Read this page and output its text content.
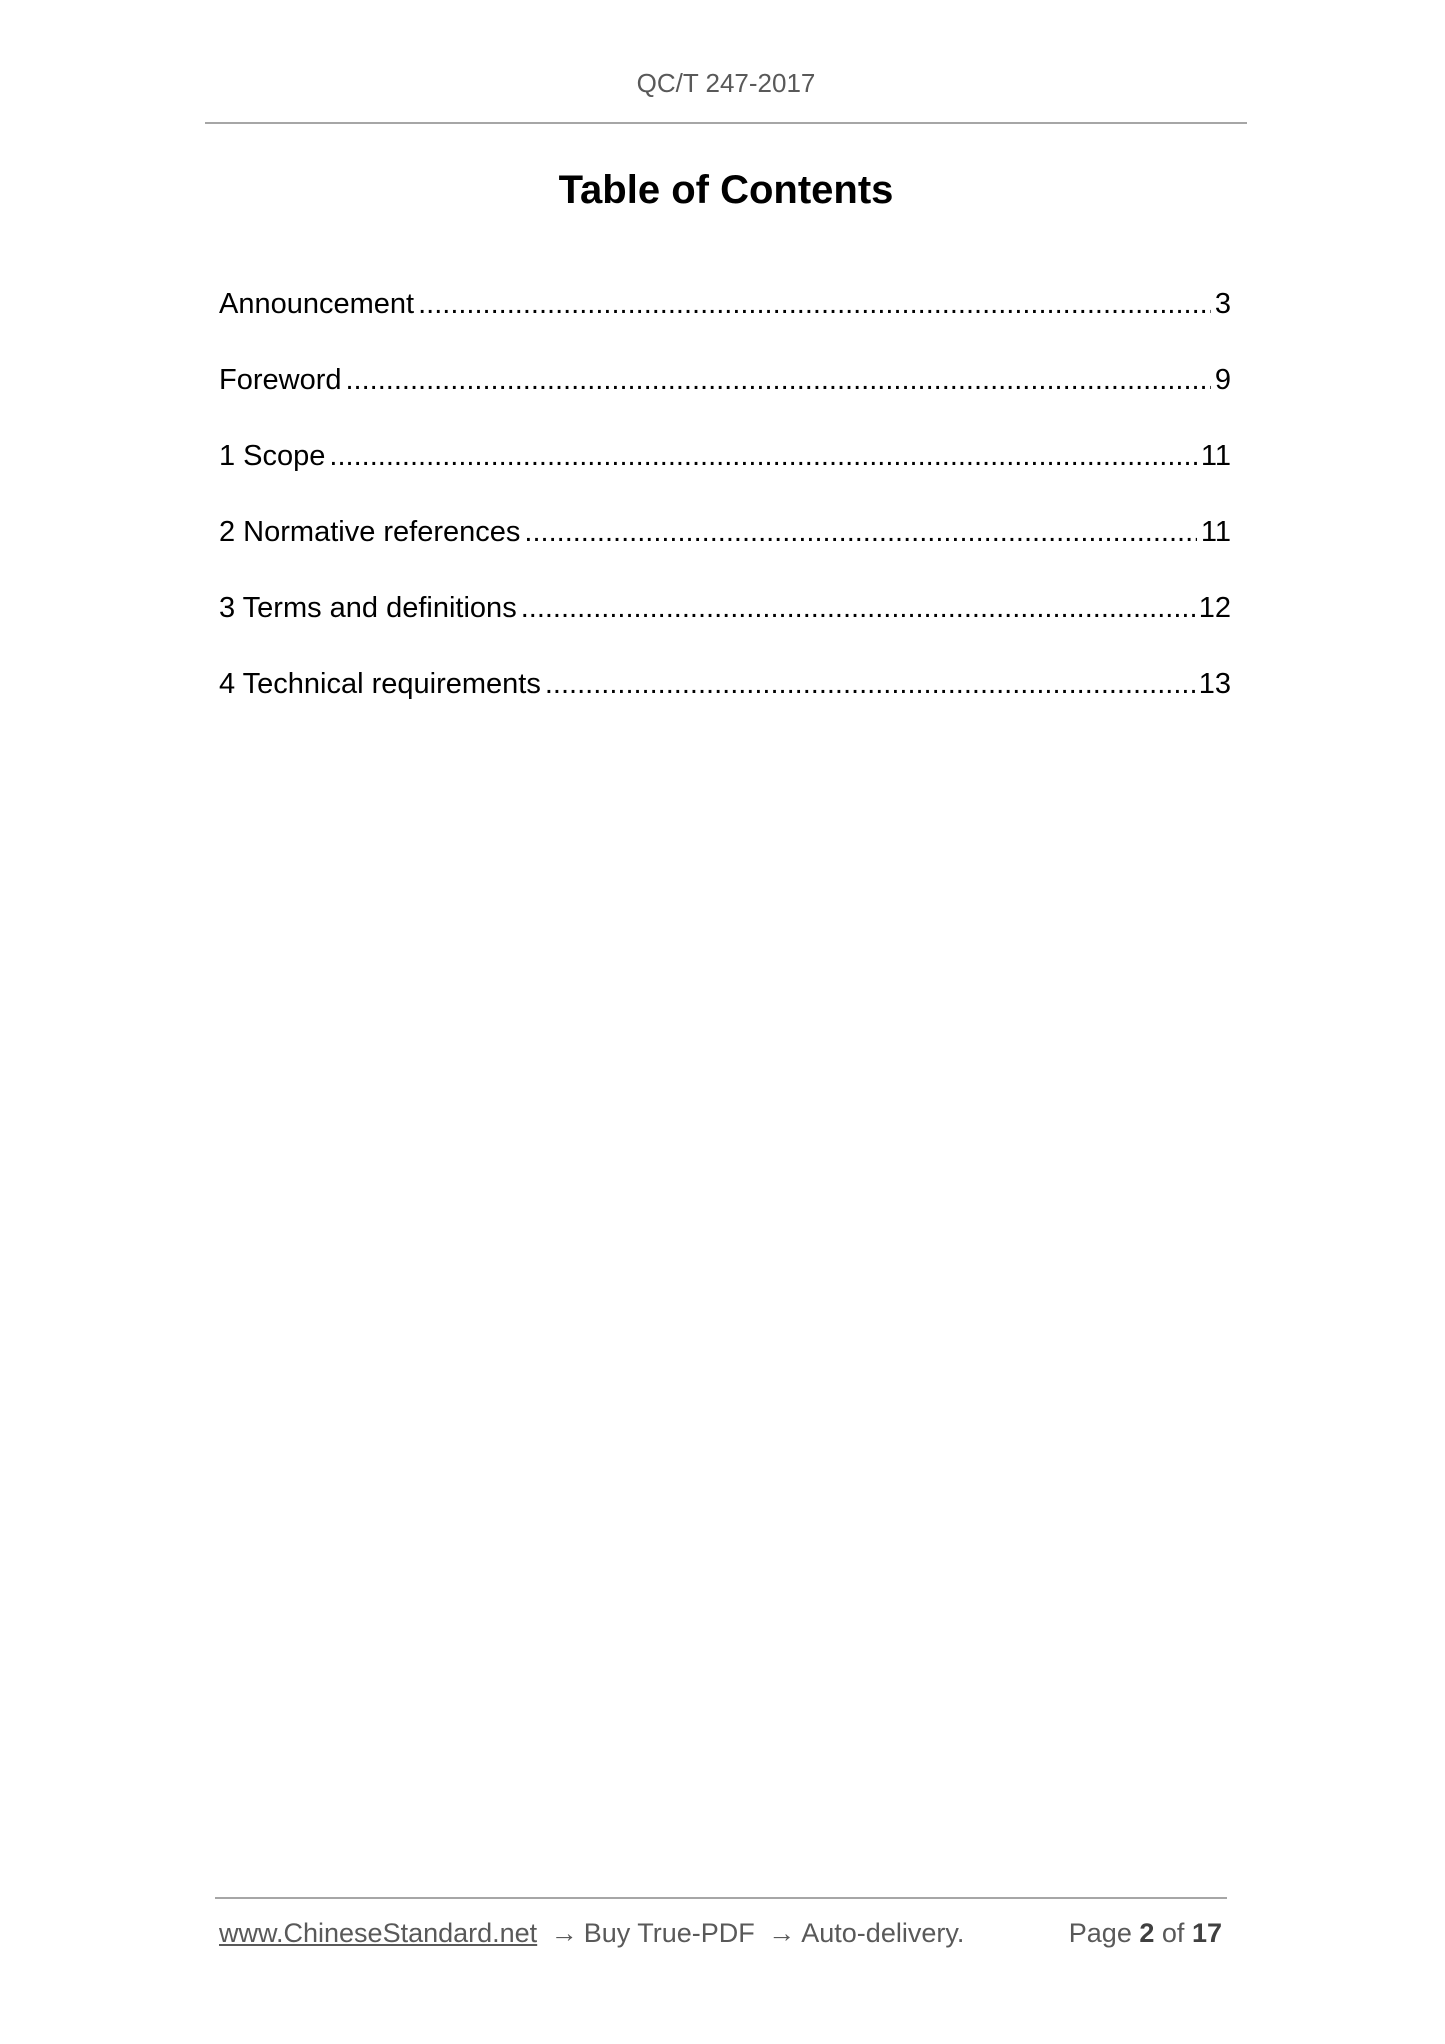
QC/T 247-2017
Table of Contents
Announcement .....	3
Foreword .....	9
1 Scope .....	11
2 Normative references .....	11
3 Terms and definitions .....	12
4 Technical requirements .....	13
www.ChineseStandard.net → Buy True-PDF → Auto-delivery.	Page 2 of 17
